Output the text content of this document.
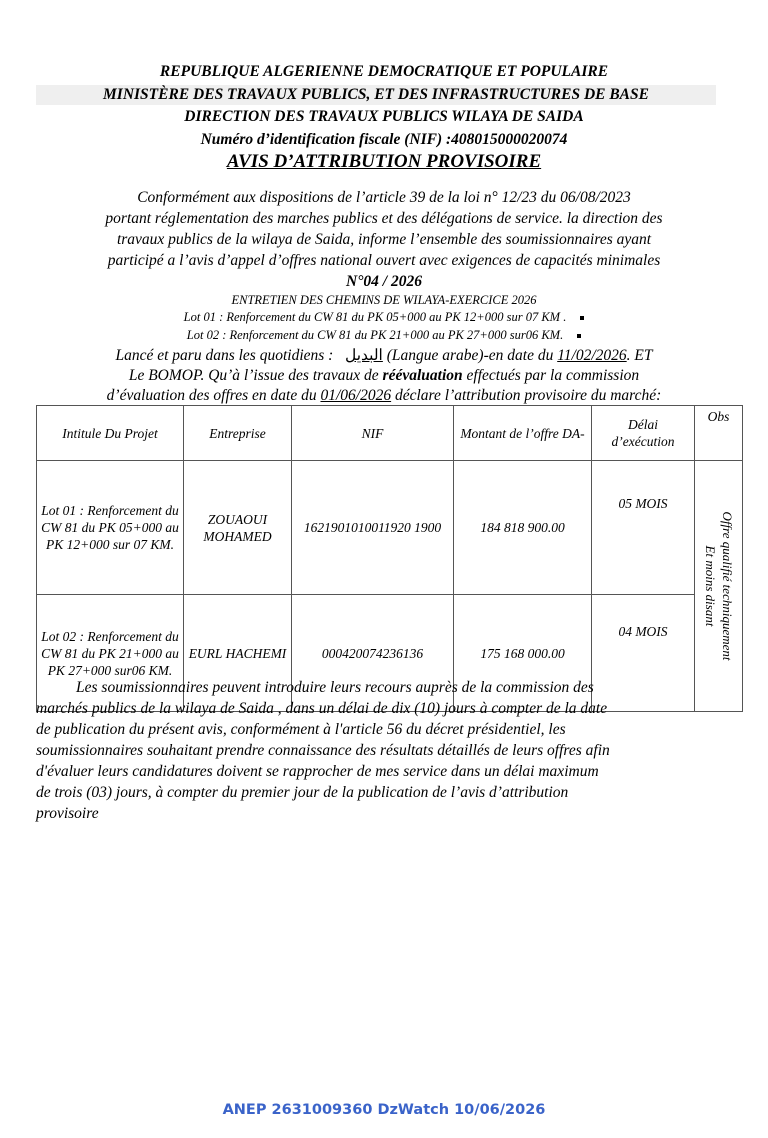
REPUBLIQUE ALGERIENNE DEMOCRATIQUE ET POPULAIRE
MINISTÈRE DES TRAVAUX PUBLICS, ET DES INFRASTRUCTURES DE BASE
DIRECTION DES TRAVAUX PUBLICS WILAYA DE SAIDA
Numéro d’identification fiscale (NIF) :408015000020074
AVIS D’ATTRIBUTION PROVISOIRE

Conformément aux dispositions de l’article 39 de la loi n° 12/23 du 06/08/2023

portant réglementation des marches publics et des délégations de service. la direction des

travaux publics de la wilaya de Saida, informe l’ensemble des soumissionnaires ayant

participé a l’avis d’appel d’offres national ouvert avec exigences de capacités minimales

N°04 / 2026
ENTRETIEN DES CHEMINS DE WILAYA-EXERCICE 2026
Lot 01 : Renforcement du CW 81 du PK 05+000 au PK 12+000 sur 07 KM .
Lot 02 : Renforcement du CW 81 du PK 21+000 au PK 27+000 sur06 KM.

Lancé et paru dans les quotidiens : البديل (Langue arabe)-en date du 11/02/2026. ET

Le BOMOP. Qu’à l’issue des travaux de réévaluation effectués par la commission

d’évaluation des offres en date du 01/06/2026 déclare l’attribution provisoire du marché:

Intitule Du Projet	Entreprise	NIF	Montant de l’offre DA-	Délai d’exécution	Obs
Lot 01 : Renforcement du CW 81 du PK 05+000 au PK 12+000 sur 07 KM.	ZOUAOUI MOHAMED	1621901010011920 1900	184 818 900.00	05 MOIS	Offre qualifié techniquement
Et moins disant

Lot 02 : Renforcement du CW 81 du PK 21+000 au PK 27+000 sur06 KM.	EURL HACHEMI	000420074236136	175 168 000.00	04 MOIS	

Les soumissionnaires peuvent introduire leurs recours auprès de la commission des

marchés publics de la wilaya de Saida , dans un délai de dix (10) jours à compter de la date

de publication du présent avis, conformément à l'article 56 du décret présidentiel, les

soumissionnaires souhaitant prendre connaissance des résultats détaillés de leurs offres afin

d'évaluer leurs candidatures doivent se rapprocher de mes service dans un délai maximum

de trois (03) jours, à compter du premier jour de la publication de l’avis d’attribution

provisoire

ANEP 2631009360 DzWatch 10/06/2026
